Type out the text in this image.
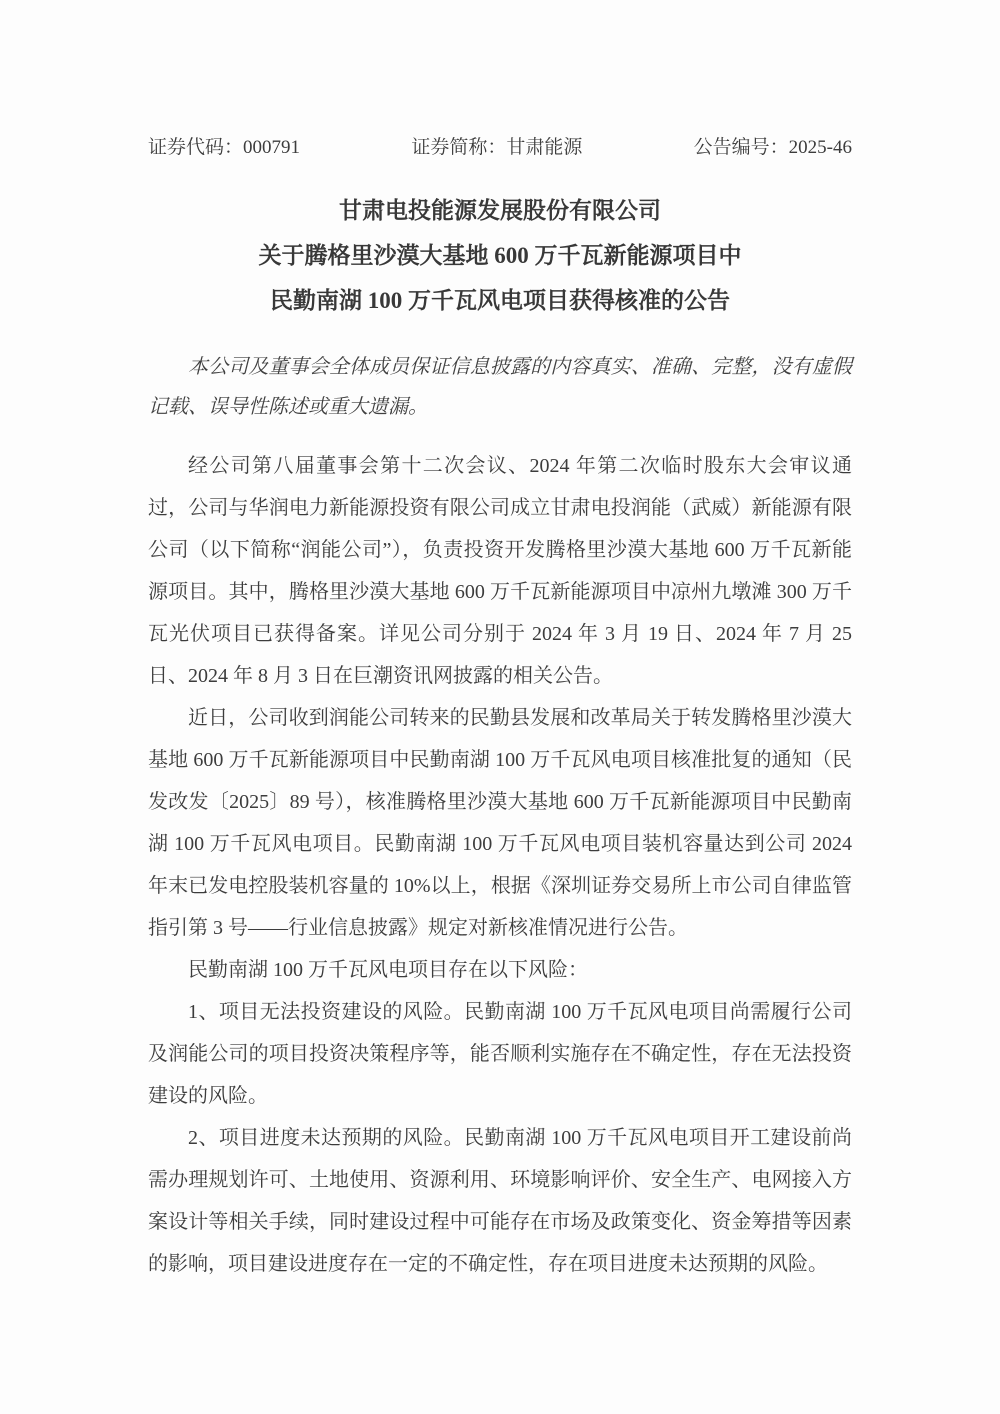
证券代码：000791	证券简称：甘肃能源	公告编号：2025-46
甘肃电投能源发展股份有限公司
关于腾格里沙漠大基地 600 万千瓦新能源项目中
民勤南湖 100 万千瓦风电项目获得核准的公告

本公司及董事会全体成员保证信息披露的内容真实、准确、完整，没有虚假记载、误导性陈述或重大遗漏。

经公司第八届董事会第十二次会议、2024 年第二次临时股东大会审议通过，公司与华润电力新能源投资有限公司成立甘肃电投润能（武威）新能源有限公司（以下简称“润能公司”），负责投资开发腾格里沙漠大基地 600 万千瓦新能源项目。其中，腾格里沙漠大基地 600 万千瓦新能源项目中凉州九墩滩 300 万千瓦光伏项目已获得备案。详见公司分别于 2024 年 3 月 19 日、2024 年 7 月 25 日、2024 年 8 月 3 日在巨潮资讯网披露的相关公告。

近日，公司收到润能公司转来的民勤县发展和改革局关于转发腾格里沙漠大基地 600 万千瓦新能源项目中民勤南湖 100 万千瓦风电项目核准批复的通知（民发改发〔2025〕89 号），核准腾格里沙漠大基地 600 万千瓦新能源项目中民勤南湖 100 万千瓦风电项目。民勤南湖 100 万千瓦风电项目装机容量达到公司 2024 年末已发电控股装机容量的 10%以上，根据《深圳证券交易所上市公司自律监管指引第 3 号——行业信息披露》规定对新核准情况进行公告。

民勤南湖 100 万千瓦风电项目存在以下风险：

1、项目无法投资建设的风险。民勤南湖 100 万千瓦风电项目尚需履行公司及润能公司的项目投资决策程序等，能否顺利实施存在不确定性，存在无法投资建设的风险。

2、项目进度未达预期的风险。民勤南湖 100 万千瓦风电项目开工建设前尚需办理规划许可、土地使用、资源利用、环境影响评价、安全生产、电网接入方案设计等相关手续，同时建设过程中可能存在市场及政策变化、资金筹措等因素的影响，项目建设进度存在一定的不确定性，存在项目进度未达预期的风险。
